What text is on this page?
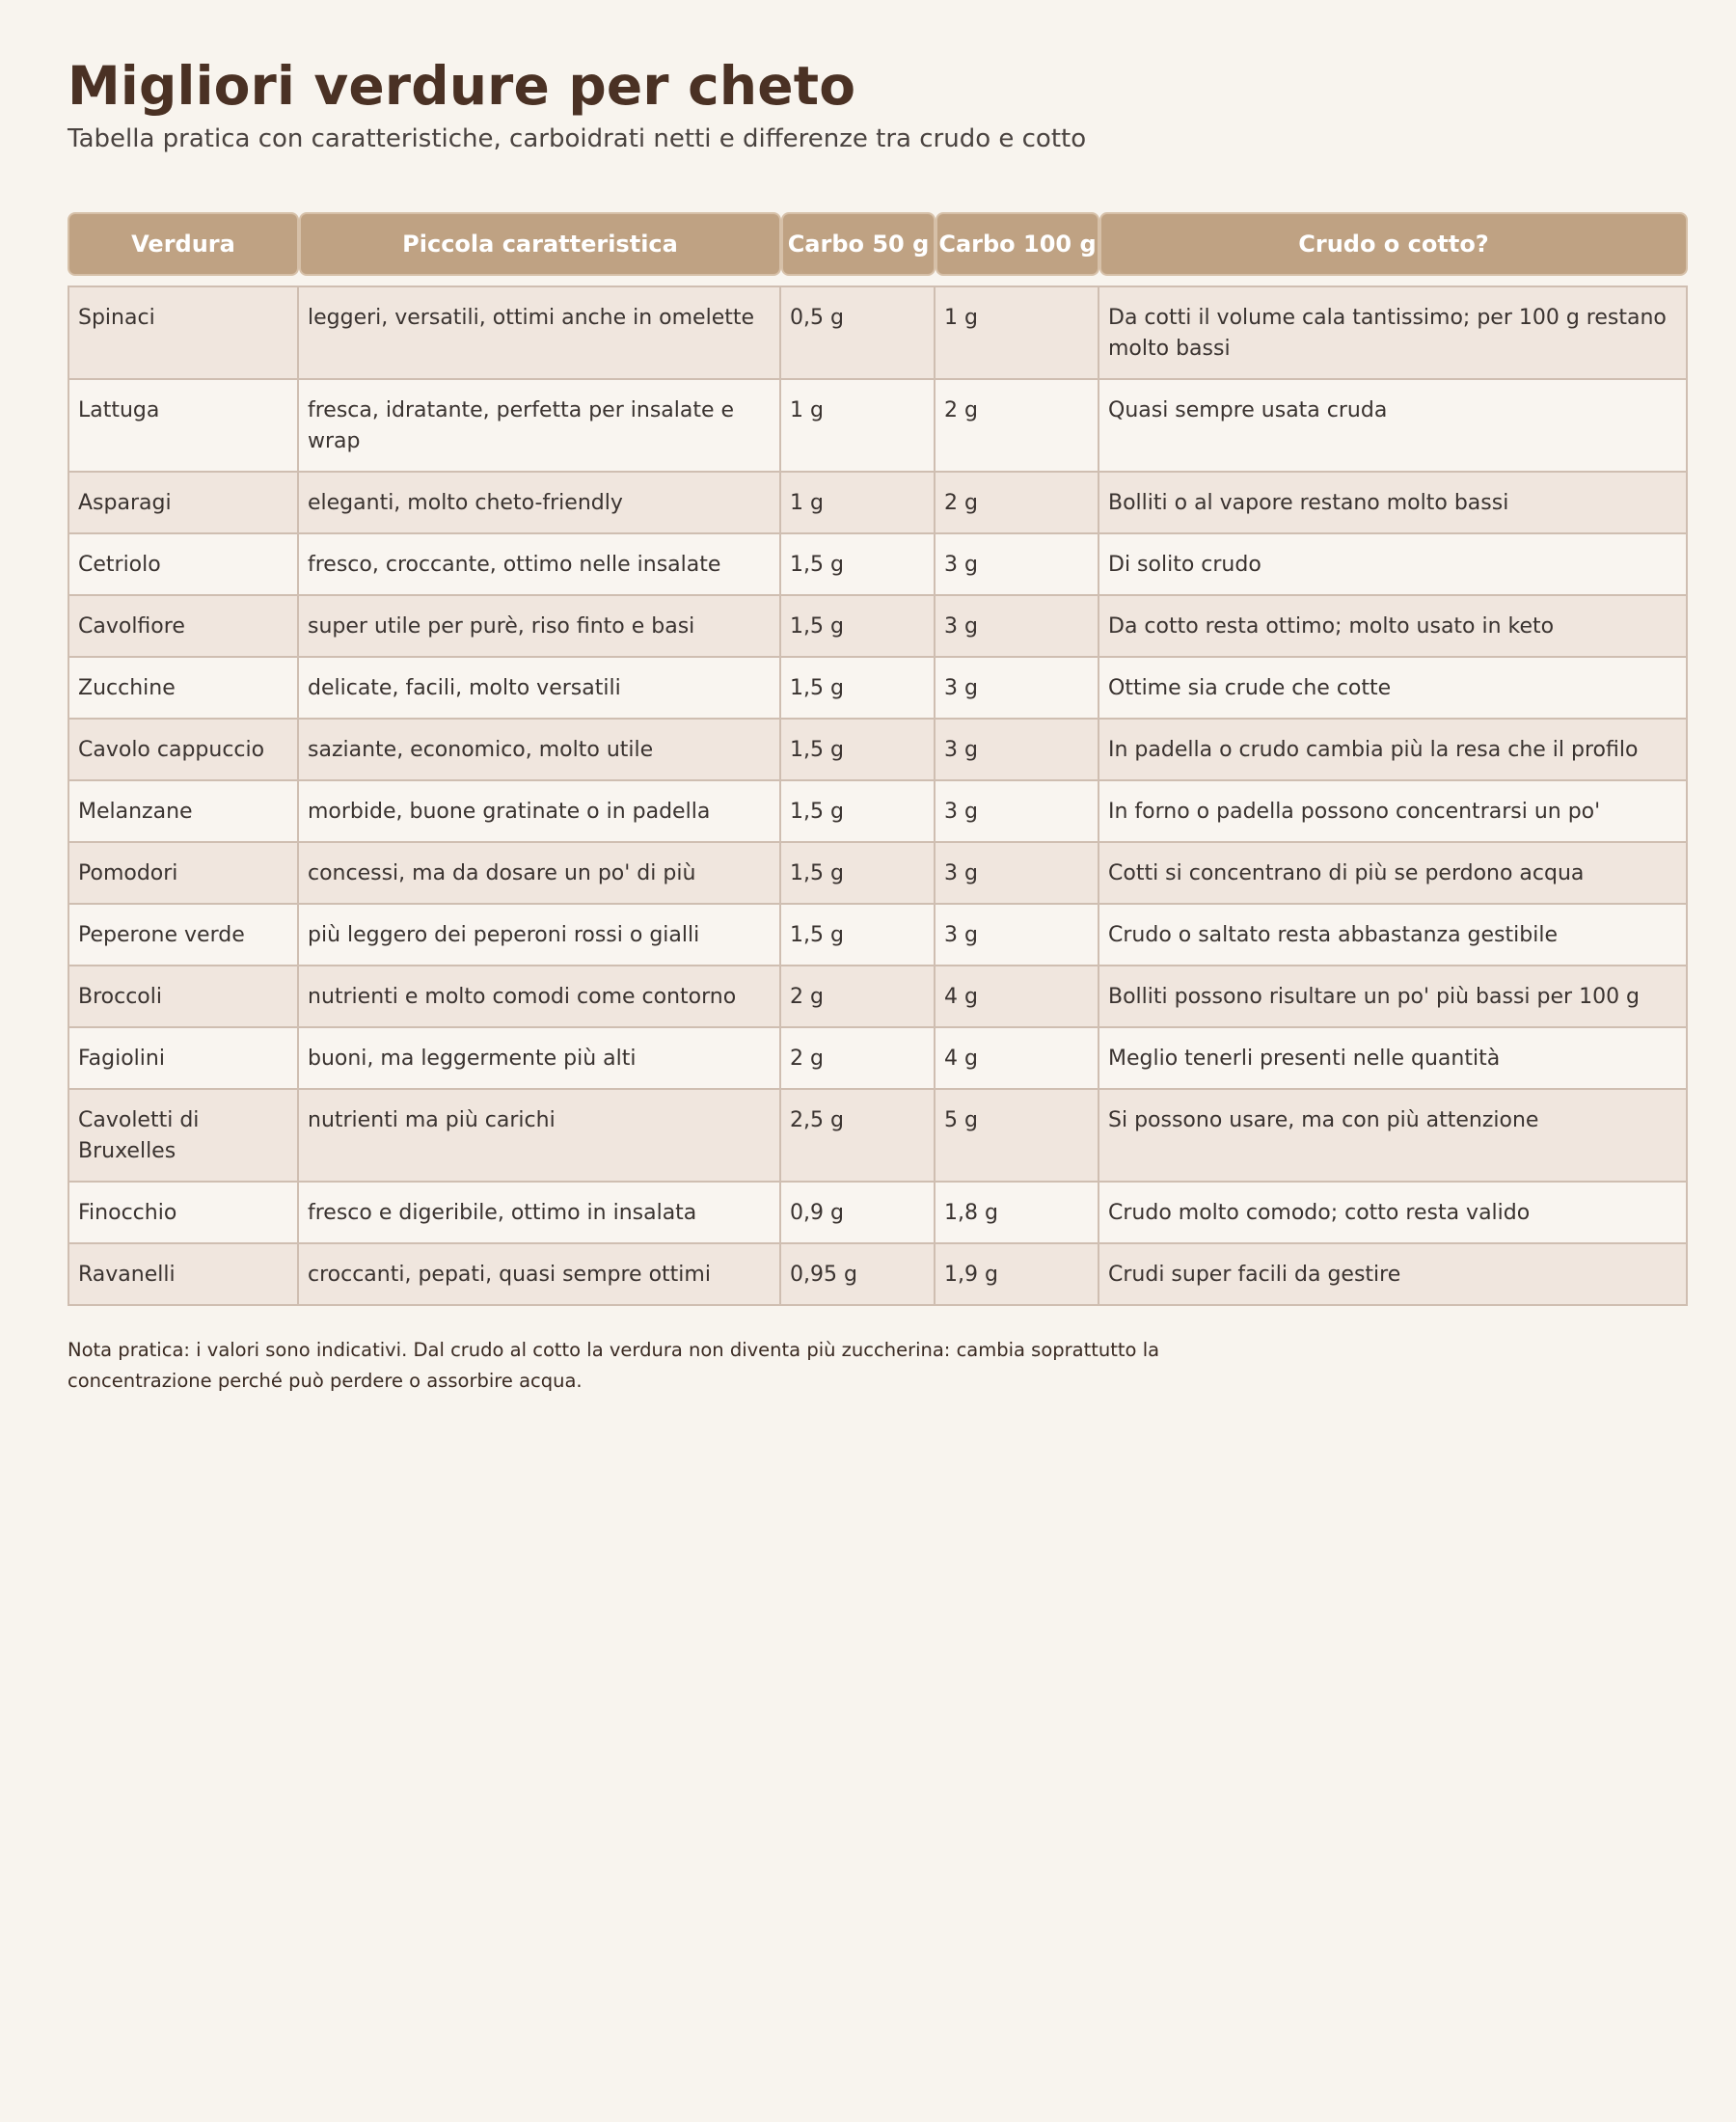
Migliori verdure per cheto

Tabella pratica con caratteristiche, carboidrati netti e differenze tra crudo e cotto

Verdura	Piccola caratteristica	Carbo 50 g	Carbo 100 g	Crudo o cotto?

Spinaci	leggeri, versatili, ottimi anche in omelette	0,5 g	1 g	Da cotti il volume cala tantissimo; per 100 g restano molto bassi
Lattuga	fresca, idratante, perfetta per insalate e wrap	1 g	2 g	Quasi sempre usata cruda
Asparagi	eleganti, molto cheto-friendly	1 g	2 g	Bolliti o al vapore restano molto bassi
Cetriolo	fresco, croccante, ottimo nelle insalate	1,5 g	3 g	Di solito crudo
Cavolfiore	super utile per purè, riso finto e basi	1,5 g	3 g	Da cotto resta ottimo; molto usato in keto
Zucchine	delicate, facili, molto versatili	1,5 g	3 g	Ottime sia crude che cotte
Cavolo cappuccio	saziante, economico, molto utile	1,5 g	3 g	In padella o crudo cambia più la resa che il profilo
Melanzane	morbide, buone gratinate o in padella	1,5 g	3 g	In forno o padella possono concentrarsi un po'
Pomodori	concessi, ma da dosare un po' di più	1,5 g	3 g	Cotti si concentrano di più se perdono acqua
Peperone verde	più leggero dei peperoni rossi o gialli	1,5 g	3 g	Crudo o saltato resta abbastanza gestibile
Broccoli	nutrienti e molto comodi come contorno	2 g	4 g	Bolliti possono risultare un po' più bassi per 100 g
Fagiolini	buoni, ma leggermente più alti	2 g	4 g	Meglio tenerli presenti nelle quantità
Cavoletti di Bruxelles	nutrienti ma più carichi	2,5 g	5 g	Si possono usare, ma con più attenzione
Finocchio	fresco e digeribile, ottimo in insalata	0,9 g	1,8 g	Crudo molto comodo; cotto resta valido
Ravanelli	croccanti, pepati, quasi sempre ottimi	0,95 g	1,9 g	Crudi super facili da gestire
Nota pratica: i valori sono indicativi. Dal crudo al cotto la verdura non diventa più zuccherina: cambia soprattutto la concentrazione perché può perdere o assorbire acqua.
